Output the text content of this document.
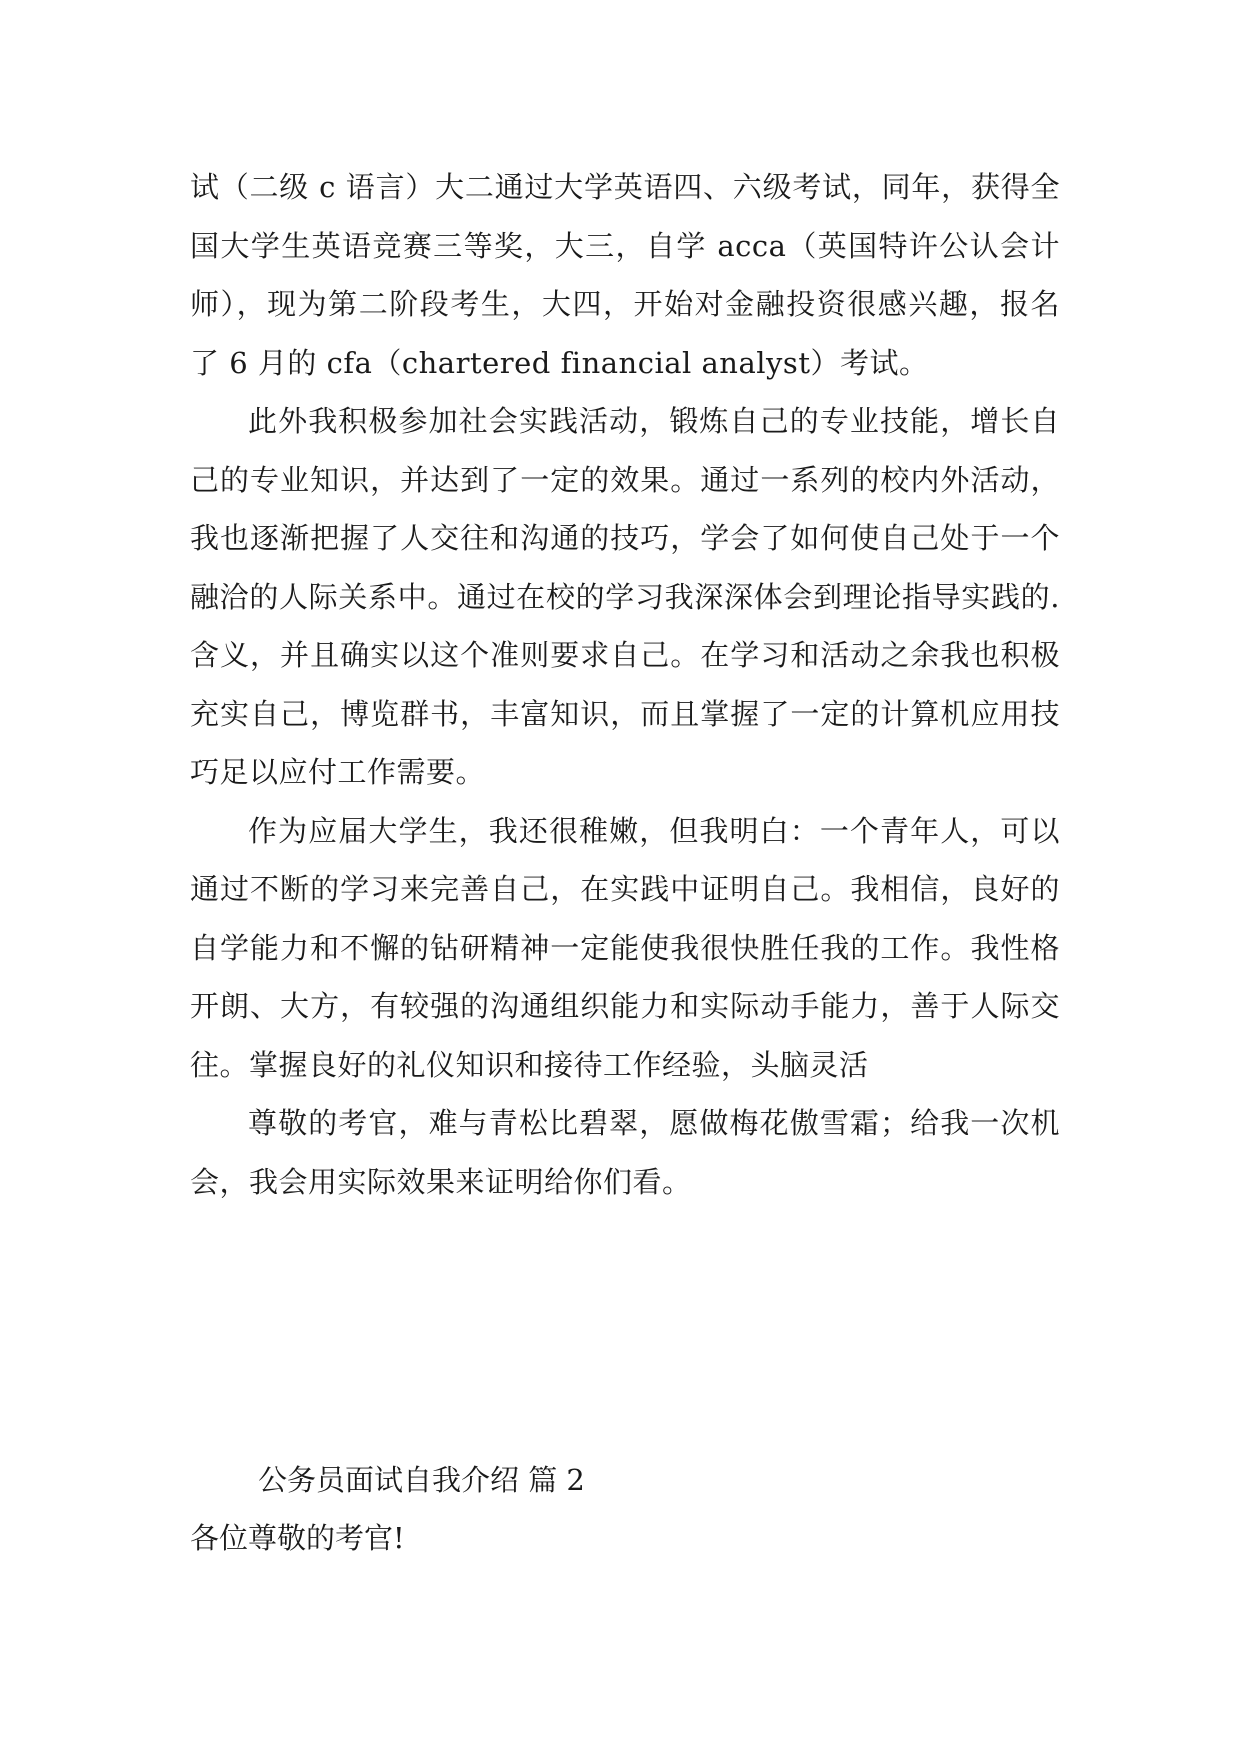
试（二级 c 语言）大二通过大学英语四、六级考试，同年，获得全国大学生英语竞赛三等奖，大三，自学 acca（英国特许公认会计师），现为第二阶段考生，大四，开始对金融投资很感兴趣，报名了 6 月的 cfa（chartered financial analyst）考试。

此外我积极参加社会实践活动，锻炼自己的专业技能，增长自己的专业知识，并达到了一定的效果。通过一系列的校内外活动，我也逐渐把握了人交往和沟通的技巧，学会了如何使自己处于一个融洽的人际关系中。通过在校的学习我深深体会到理论指导实践的.含义，并且确实以这个准则要求自己。在学习和活动之余我也积极充实自己，博览群书，丰富知识，而且掌握了一定的计算机应用技巧足以应付工作需要。

作为应届大学生，我还很稚嫩，但我明白：一个青年人，可以通过不断的学习来完善自己，在实践中证明自己。我相信，良好的自学能力和不懈的钻研精神一定能使我很快胜任我的工作。我性格开朗、大方，有较强的沟通组织能力和实际动手能力，善于人际交往。掌握良好的礼仪知识和接待工作经验，头脑灵活

尊敬的考官，难与青松比碧翠，愿做梅花傲雪霜；给我一次机会，我会用实际效果来证明给你们看。

公务员面试自我介绍 篇 2

各位尊敬的考官!
